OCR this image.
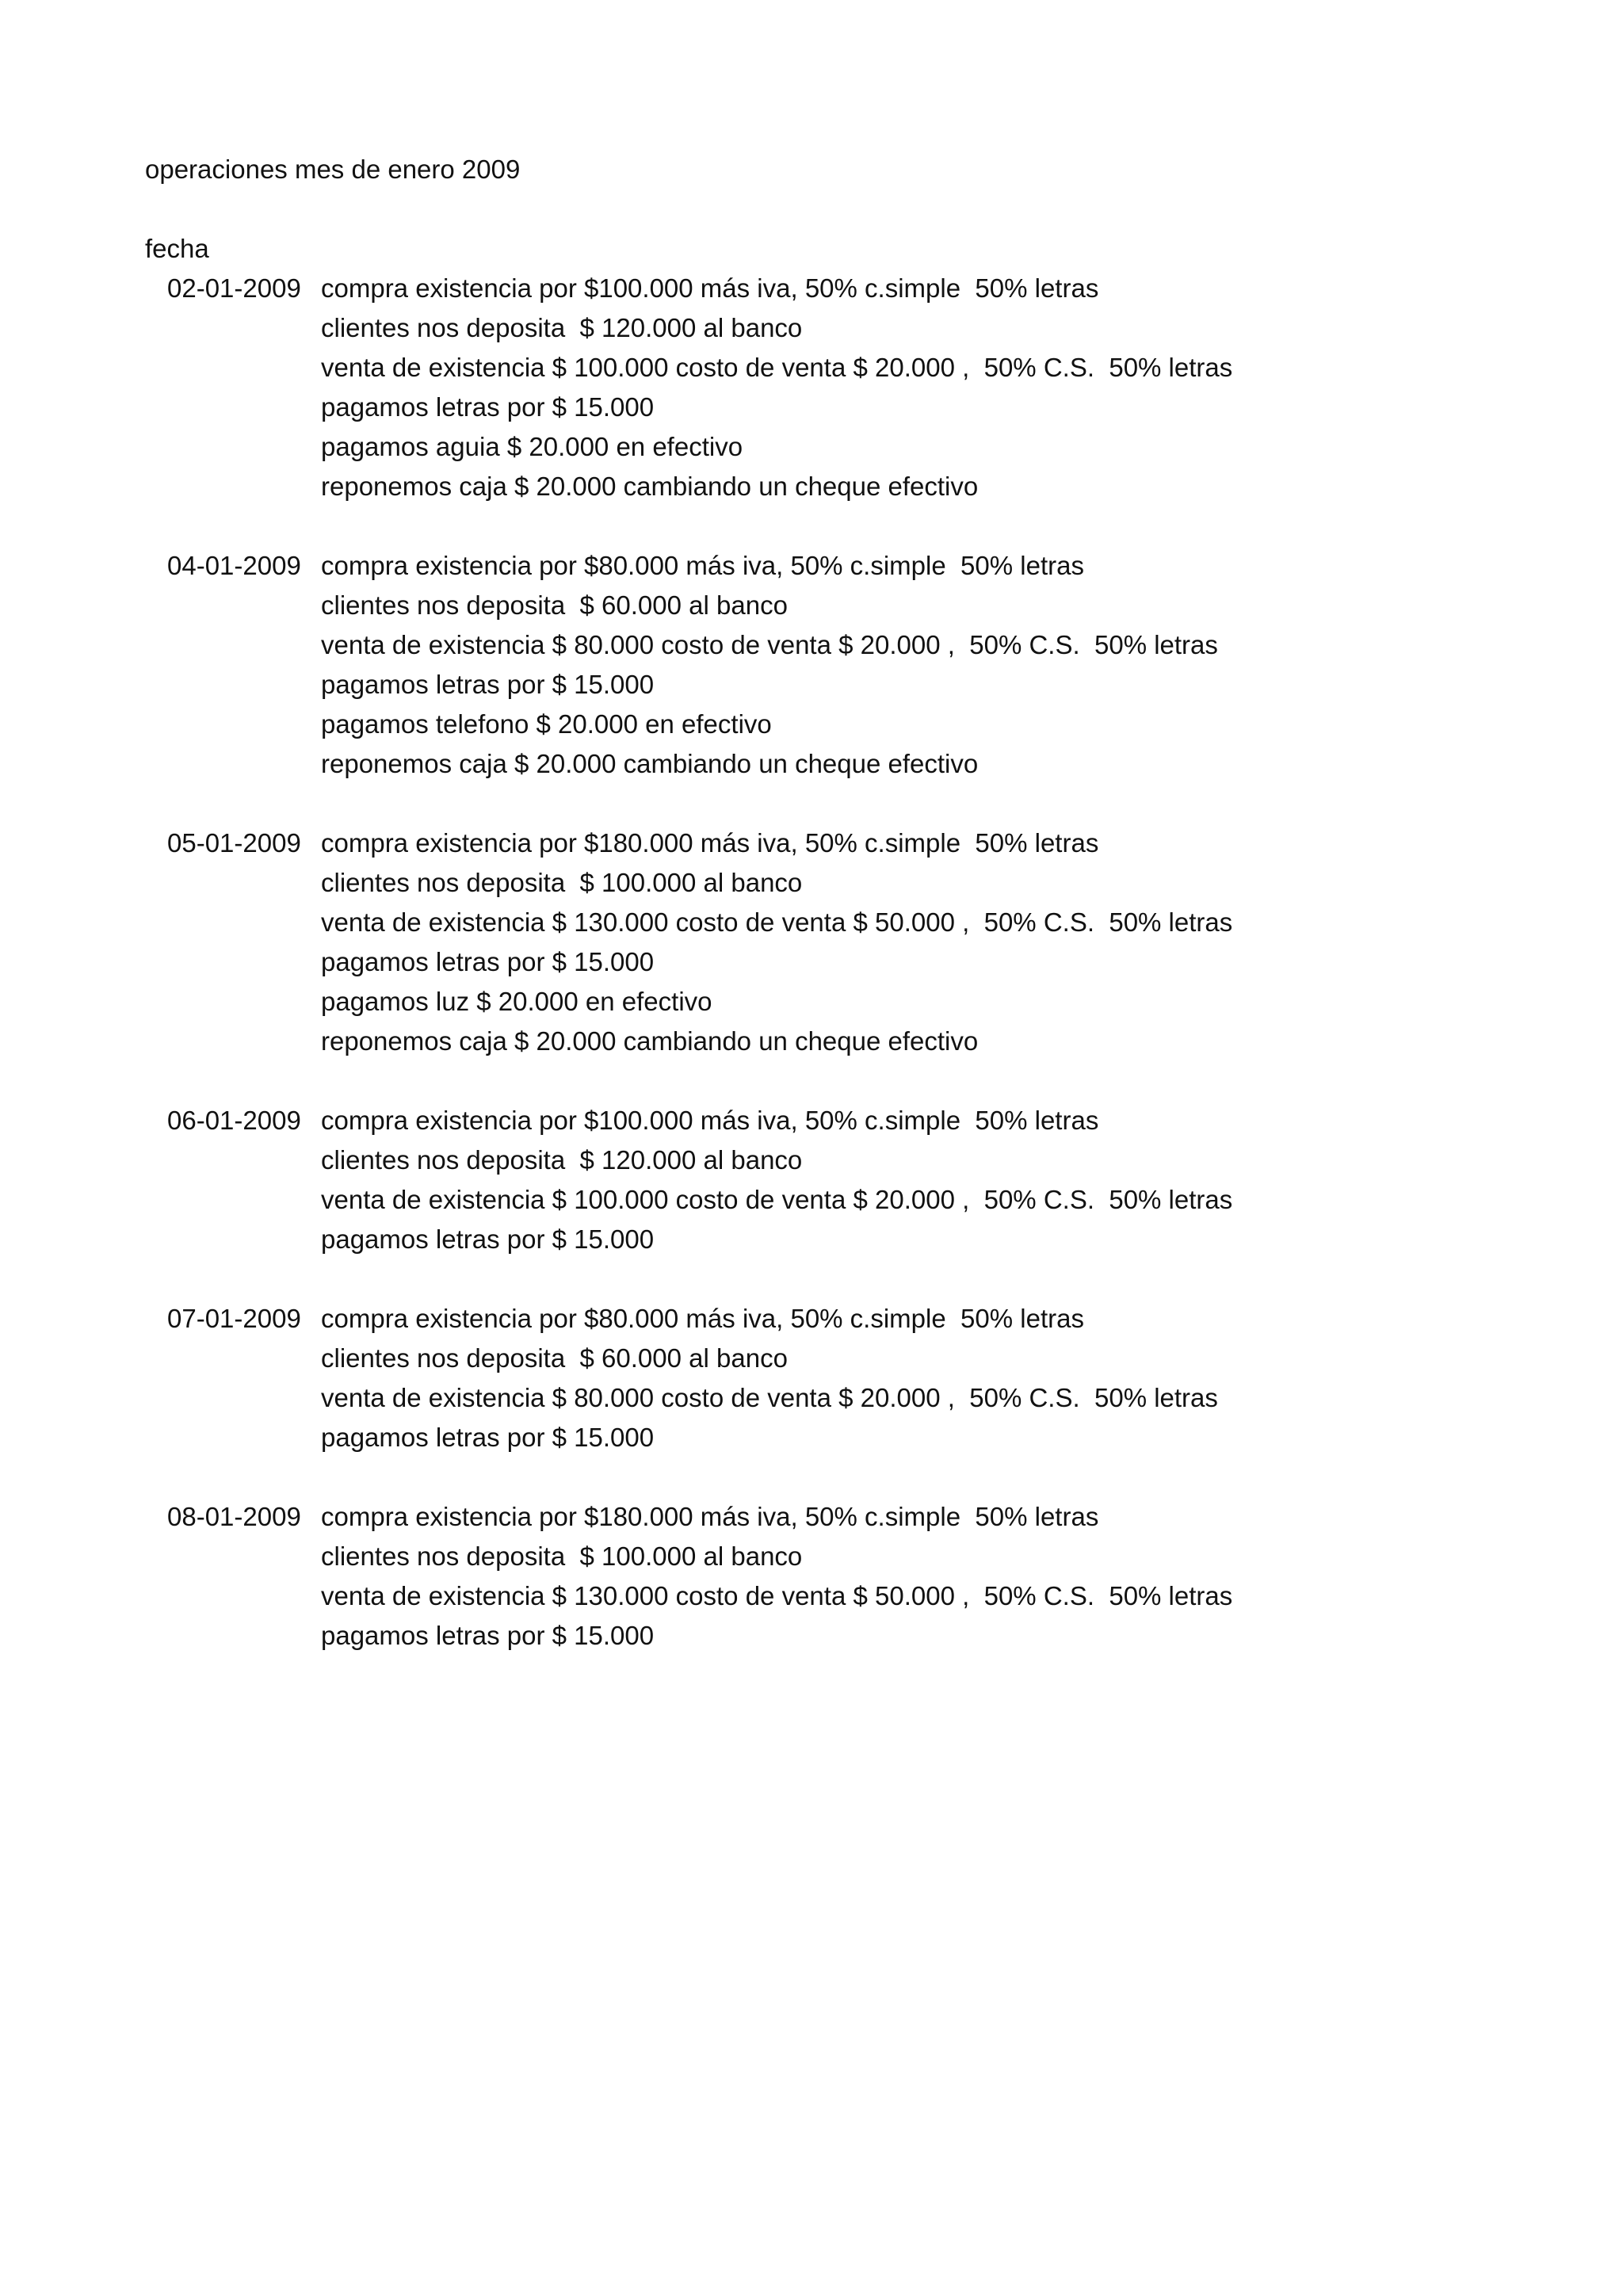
operaciones mes de enero 2009
fecha
02-01-2009 compra existencia por $100.000 más iva, 50% c.simple  50% letras
clientes nos deposita  $ 120.000 al banco
venta de existencia $ 100.000 costo de venta $ 20.000 ,  50% C.S.  50% letras
pagamos letras por $ 15.000
pagamos aguia $ 20.000 en efectivo
reponemos caja $ 20.000 cambiando un cheque efectivo
04-01-2009 compra existencia por $80.000 más iva, 50% c.simple  50% letras
clientes nos deposita  $ 60.000 al banco
venta de existencia $ 80.000 costo de venta $ 20.000 ,  50% C.S.  50% letras
pagamos letras por $ 15.000
pagamos telefono $ 20.000 en efectivo
reponemos caja $ 20.000 cambiando un cheque efectivo
05-01-2009 compra existencia por $180.000 más iva, 50% c.simple  50% letras
clientes nos deposita  $ 100.000 al banco
venta de existencia $ 130.000 costo de venta $ 50.000 ,  50% C.S.  50% letras
pagamos letras por $ 15.000
pagamos luz $ 20.000 en efectivo
reponemos caja $ 20.000 cambiando un cheque efectivo
06-01-2009 compra existencia por $100.000 más iva, 50% c.simple  50% letras
clientes nos deposita  $ 120.000 al banco
venta de existencia $ 100.000 costo de venta $ 20.000 ,  50% C.S.  50% letras
pagamos letras por $ 15.000
07-01-2009 compra existencia por $80.000 más iva, 50% c.simple  50% letras
clientes nos deposita  $ 60.000 al banco
venta de existencia $ 80.000 costo de venta $ 20.000 ,  50% C.S.  50% letras
pagamos letras por $ 15.000
08-01-2009 compra existencia por $180.000 más iva, 50% c.simple  50% letras
clientes nos deposita  $ 100.000 al banco
venta de existencia $ 130.000 costo de venta $ 50.000 ,  50% C.S.  50% letras
pagamos letras por $ 15.000
